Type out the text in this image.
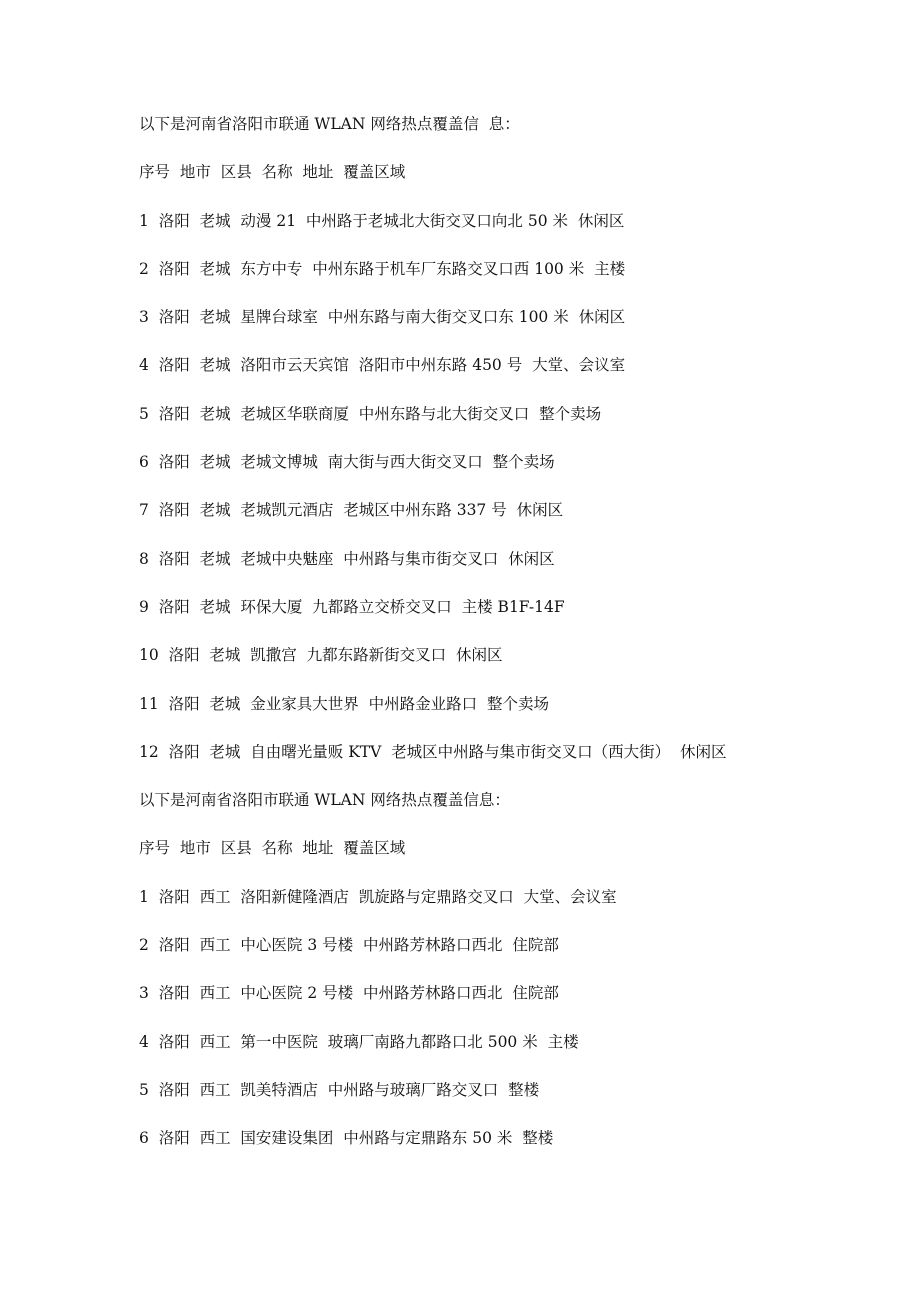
以下是河南省洛阳市联通 WLAN 网络热点覆盖信  息：
序号  地市  区县  名称  地址  覆盖区域
1  洛阳  老城  动漫 21  中州路于老城北大街交叉口向北 50 米  休闲区
2  洛阳  老城  东方中专  中州东路于机车厂东路交叉口西 100 米  主楼
3  洛阳  老城  星牌台球室  中州东路与南大街交叉口东 100 米  休闲区
4  洛阳  老城  洛阳市云天宾馆  洛阳市中州东路 450 号  大堂、会议室
5  洛阳  老城  老城区华联商厦  中州东路与北大街交叉口  整个卖场
6  洛阳  老城  老城文博城  南大街与西大街交叉口  整个卖场
7  洛阳  老城  老城凯元酒店  老城区中州东路 337 号  休闲区
8  洛阳  老城  老城中央魅座  中州路与集市街交叉口  休闲区
9  洛阳  老城  环保大厦  九都路立交桥交叉口  主楼 B1F-14F
10  洛阳  老城  凯撒宫  九都东路新街交叉口  休闲区
11  洛阳  老城  金业家具大世界  中州路金业路口  整个卖场
12  洛阳  老城  自由曙光量贩 KTV  老城区中州路与集市街交叉口（西大街）  休闲区
以下是河南省洛阳市联通 WLAN 网络热点覆盖信息：
序号  地市  区县  名称  地址  覆盖区域
1  洛阳  西工  洛阳新健隆酒店  凯旋路与定鼎路交叉口  大堂、会议室
2  洛阳  西工  中心医院 3 号楼  中州路芳林路口西北  住院部
3  洛阳  西工  中心医院 2 号楼  中州路芳林路口西北  住院部
4  洛阳  西工  第一中医院  玻璃厂南路九都路口北 500 米  主楼
5  洛阳  西工  凯美特酒店  中州路与玻璃厂路交叉口  整楼
6  洛阳  西工  国安建设集团  中州路与定鼎路东 50 米  整楼
